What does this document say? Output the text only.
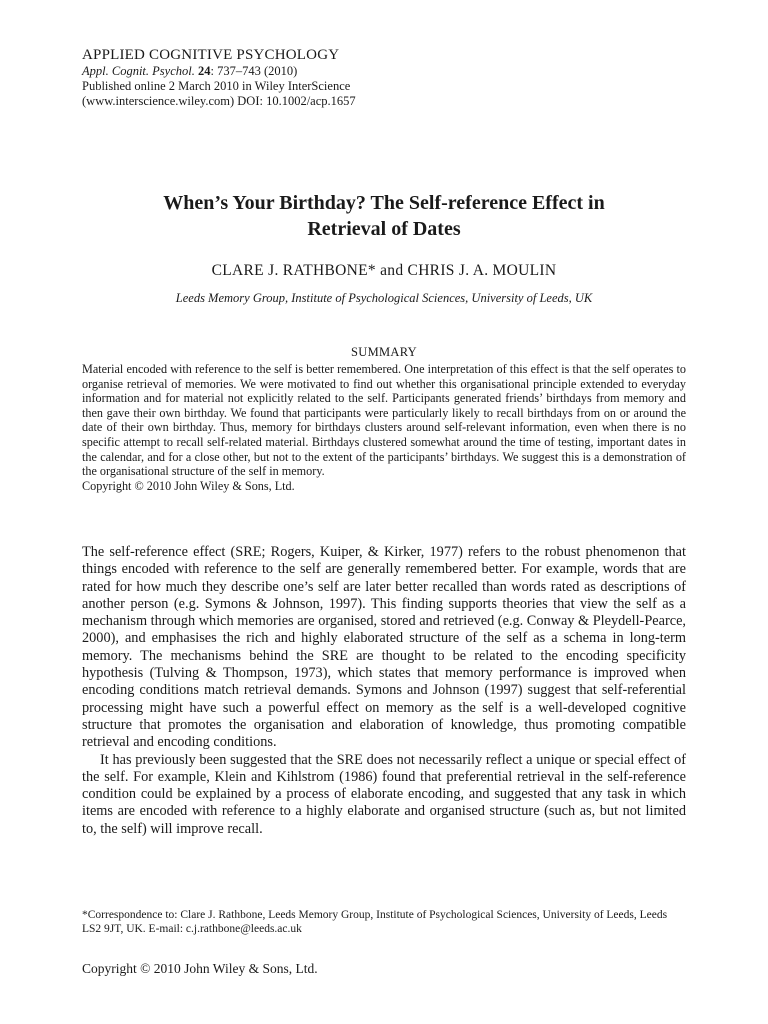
APPLIED COGNITIVE PSYCHOLOGY

Appl. Cognit. Psychol. 24: 737–743 (2010)

Published online 2 March 2010 in Wiley InterScience

(www.interscience.wiley.com) DOI: 10.1002/acp.1657

When’s Your Birthday? The Self-reference Effect in
Retrieval of Dates

CLARE J. RATHBONE* and CHRIS J. A. MOULIN

Leeds Memory Group, Institute of Psychological Sciences, University of Leeds, UK

SUMMARY

Material encoded with reference to the self is better remembered. One interpretation of this effect is that the self operates to organise retrieval of memories. We were motivated to find out whether this organisational principle extended to everyday information and for material not explicitly related to the self. Participants generated friends’ birthdays from memory and then gave their own birthday. We found that participants were particularly likely to recall birthdays from on or around the date of their own birthday. Thus, memory for birthdays clusters around self-relevant information, even when there is no specific attempt to recall self-related material. Birthdays clustered somewhat around the time of testing, important dates in the calendar, and for a close other, but not to the extent of the participants’ birthdays. We suggest this is a demonstration of the organisational structure of the self in memory.
Copyright © 2010 John Wiley & Sons, Ltd.

The self-reference effect (SRE; Rogers, Kuiper, & Kirker, 1977) refers to the robust phenomenon that things encoded with reference to the self are generally remembered better. For example, words that are rated for how much they describe one’s self are later better recalled than words rated as descriptions of another person (e.g. Symons & Johnson, 1997). This finding supports theories that view the self as a mechanism through which memories are organised, stored and retrieved (e.g. Conway & Pleydell-Pearce, 2000), and emphasises the rich and highly elaborated structure of the self as a schema in long-term memory. The mechanisms behind the SRE are thought to be related to the encoding specificity hypothesis (Tulving & Thompson, 1973), which states that memory performance is improved when encoding conditions match retrieval demands. Symons and Johnson (1997) suggest that self-referential processing might have such a powerful effect on memory as the self is a well-developed cognitive structure that promotes the organisation and elaboration of knowledge, thus promoting compatible retrieval and encoding conditions.

It has previously been suggested that the SRE does not necessarily reflect a unique or special effect of the self. For example, Klein and Kihlstrom (1986) found that preferential retrieval in the self-reference condition could be explained by a process of elaborate encoding, and suggested that any task in which items are encoded with reference to a highly elaborate and organised structure (such as, but not limited to, the self) will improve recall.

*Correspondence to: Clare J. Rathbone, Leeds Memory Group, Institute of Psychological Sciences, University of Leeds, Leeds LS2 9JT, UK. E-mail: c.j.rathbone@leeds.ac.uk

Copyright © 2010 John Wiley & Sons, Ltd.
